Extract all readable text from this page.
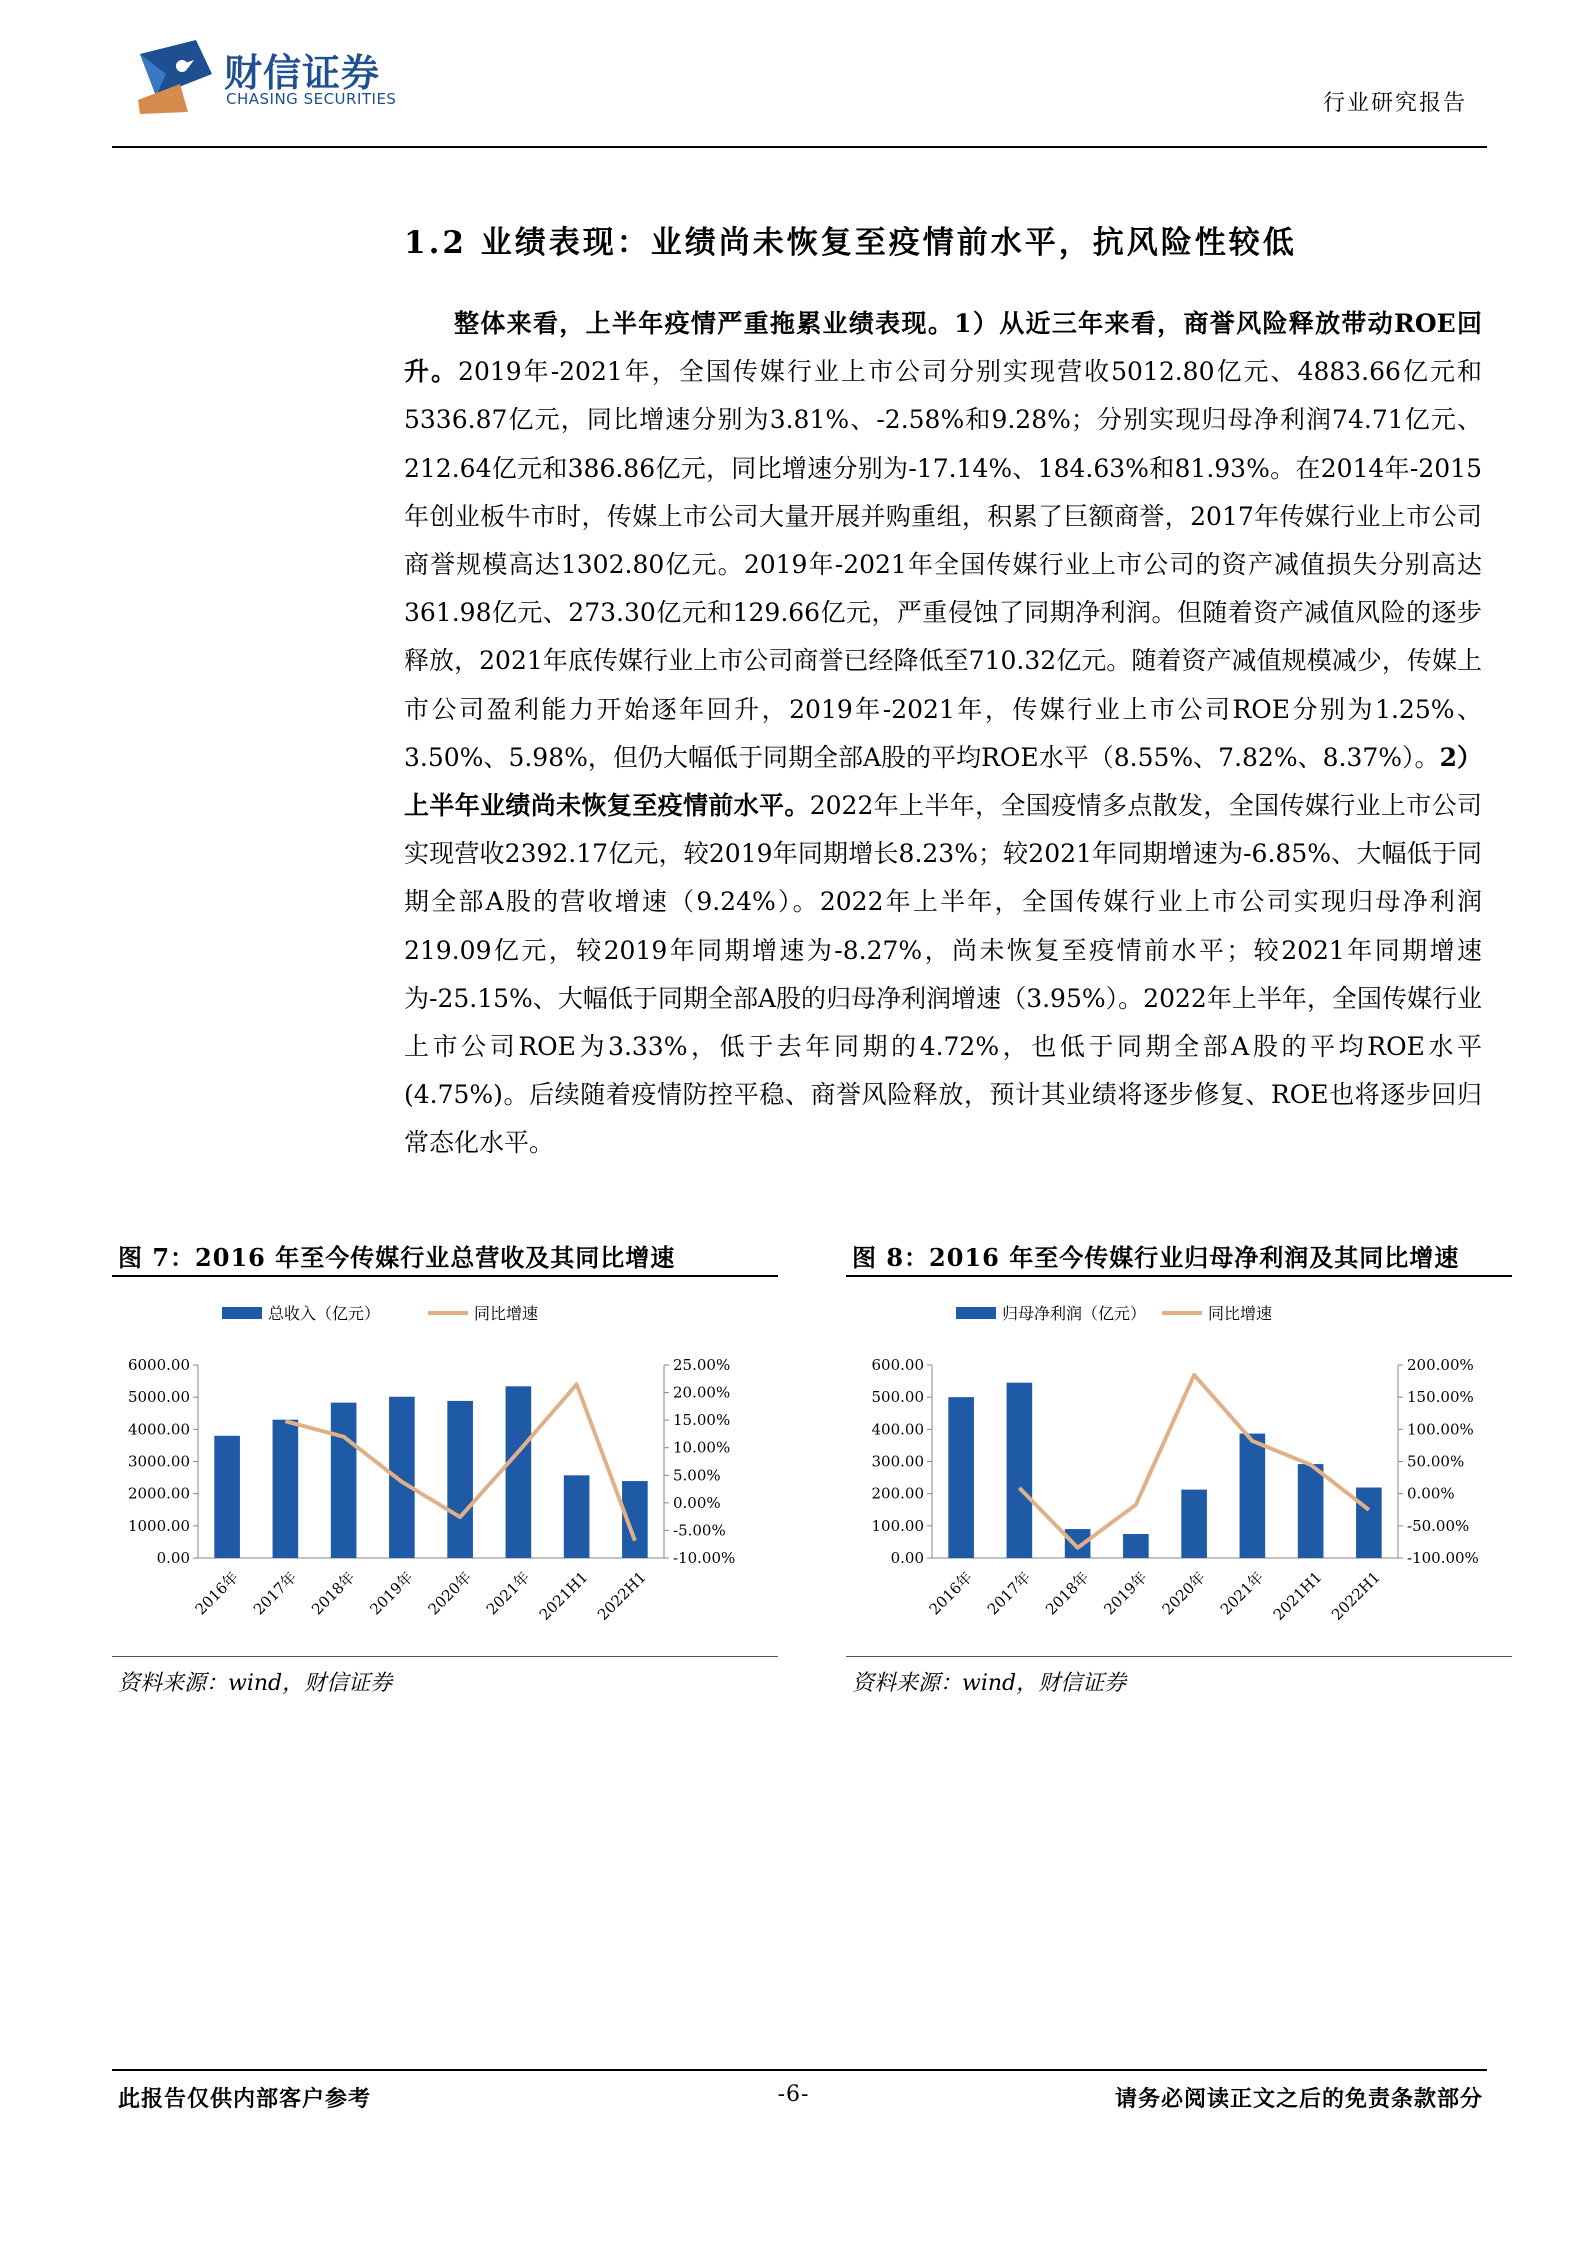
财信证券
CHASING SECURITIES	行业研究报告
1.2 业绩表现：业绩尚未恢复至疫情前水平，抗风险性较低

整体来看，上半年疫情严重拖累业绩表现。1）从近三年来看，商誉风险释放带动ROE回升。2019年-2021年，全国传媒行业上市公司分别实现营收5012.80亿元、4883.66亿元和5336.87亿元，同比增速分别为3.81%、-2.58%和9.28%；分别实现归母净利润74.71亿元、212.64亿元和386.86亿元，同比增速分别为-17.14%、184.63%和81.93%。在2014年-2015年创业板牛市时，传媒上市公司大量开展并购重组，积累了巨额商誉，2017年传媒行业上市公司商誉规模高达1302.80亿元。2019年-2021年全国传媒行业上市公司的资产减值损失分别高达361.98亿元、273.30亿元和129.66亿元，严重侵蚀了同期净利润。但随着资产减值风险的逐步释放，2021年底传媒行业上市公司商誉已经降低至710.32亿元。随着资产减值规模减少，传媒上市公司盈利能力开始逐年回升，2019年-2021年，传媒行业上市公司ROE分别为1.25%、3.50%、5.98%，但仍大幅低于同期全部A股的平均ROE水平（8.55%、7.82%、8.37%）。2）上半年业绩尚未恢复至疫情前水平。2022年上半年，全国疫情多点散发，全国传媒行业上市公司实现营收2392.17亿元，较2019年同期增长8.23%；较2021年同期增速为-6.85%、大幅低于同期全部A股的营收增速（9.24%）。2022年上半年，全国传媒行业上市公司实现归母净利润219.09亿元，较2019年同期增速为-8.27%，尚未恢复至疫情前水平；较2021年同期增速为-25.15%、大幅低于同期全部A股的归母净利润增速（3.95%）。2022年上半年，全国传媒行业上市公司ROE为3.33%，低于去年同期的4.72%，也低于同期全部A股的平均ROE水平(4.75%)。后续随着疫情防控平稳、商誉风险释放，预计其业绩将逐步修复、ROE也将逐步回归常态化水平。

图 7：2016 年至今传媒行业总营收及其同比增速
总收入（亿元）	同比增速
0.00
1000.00
2000.00
3000.00
4000.00
5000.00
6000.00
-10.00%
-5.00%
0.00%
5.00%
10.00%
15.00%
20.00%
25.00%
2016年 2017年 2018年 2019年 2020年 2021年 2021H1 2022H1
资料来源：wind，财信证券
图 8：2016 年至今传媒行业归母净利润及其同比增速
归母净利润（亿元）	同比增速
0.00
100.00
200.00
300.00
400.00
500.00
600.00
-100.00%
-50.00%
0.00%
50.00%
100.00%
150.00%
200.00%
2016年 2017年 2018年 2019年 2020年 2021年 2021H1 2022H1
资料来源：wind，财信证券
此报告仅供内部客户参考	-6-	请务必阅读正文之后的免责条款部分
